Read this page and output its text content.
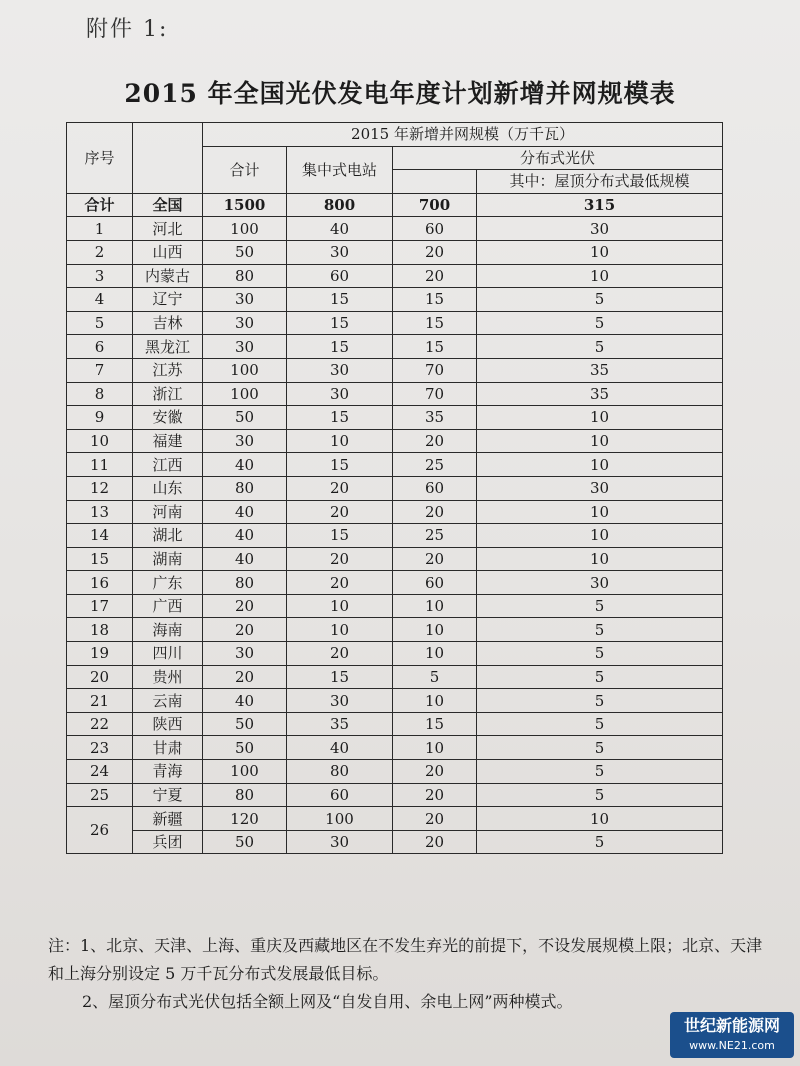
附件 1:
2015 年全国光伏发电年度计划新增并网规模表
序号		2015 年新增并网规模（万千瓦）			
		合计	集中式电站	分布式光伏	
					其中：屋顶分布式最低规模
合计	全国	1500	800	700	315
1	河北	100	40	60	30
2	山西	50	30	20	10
3	内蒙古	80	60	20	10
4	辽宁	30	15	15	5
5	吉林	30	15	15	5
6	黑龙江	30	15	15	5
7	江苏	100	30	70	35
8	浙江	100	30	70	35
9	安徽	50	15	35	10
10	福建	30	10	20	10
11	江西	40	15	25	10
12	山东	80	20	60	30
13	河南	40	20	20	10
14	湖北	40	15	25	10
15	湖南	40	20	20	10
16	广东	80	20	60	30
17	广西	20	10	10	5
18	海南	20	10	10	5
19	四川	30	20	10	5
20	贵州	20	15	5	5
21	云南	40	30	10	5
22	陕西	50	35	15	5
23	甘肃	50	40	10	5
24	青海	100	80	20	5
25	宁夏	80	60	20	5
26	新疆	120	100	20	10
	兵团	50	30	20	5
注：1、北京、天津、上海、重庆及西藏地区在不发生弃光的前提下，不设发展规模上限；北京、天津和上海分别设定 5 万千瓦分布式发展最低目标。
2、屋顶分布式光伏包括全额上网及“自发自用、余电上网”两种模式。
世纪新能源网
www.NE21.com
